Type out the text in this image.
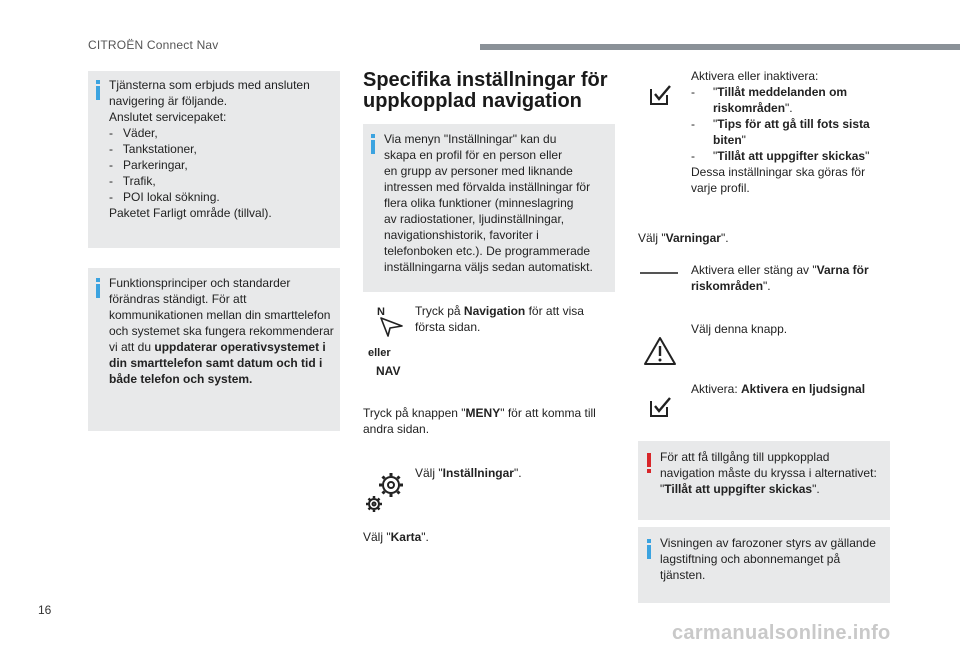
CITROËN Connect Nav
Tjänsterna som erbjuds med ansluten
navigering är följande.
Anslutet servicepaket:
-   Väder,
-   Tankstationer,
-   Parkeringar,
-   Trafik,
-   POI lokal sökning.
Paketet Farligt område (tillval).
Funktionsprinciper och standarder
förändras ständigt. För att
kommunikationen mellan din smarttelefon
och systemet ska fungera rekommenderar
vi att du uppdaterar operativsystemet i
din smarttelefon samt datum och tid i
både telefon och system.
Specifika inställningar för
uppkopplad navigation
Via menyn "Inställningar" kan du
skapa en profil för en person eller
en grupp av personer med liknande
intressen med förvalda inställningar för
flera olika funktioner (minneslagring
av radiostationer, ljudinställningar,
navigationshistorik, favoriter i
telefonboken etc.). De programmerade
inställningarna väljs sedan automatiskt.
N
eller
NAV
Tryck på Navigation för att visa
första sidan.
Tryck på knappen "MENY" för att komma till
andra sidan.
Välj "Inställningar".
Välj "Karta".
Aktivera eller inaktivera:
- "Tillåt meddelanden om
riskområden".
- "Tips för att gå till fots sista
biten"
- "Tillåt att uppgifter skickas"
Dessa inställningar ska göras för
varje profil.
Välj "Varningar".
Aktivera eller stäng av "Varna för
riskområden".
Välj denna knapp.
Aktivera: Aktivera en ljudsignal
För att få tillgång till uppkopplad
navigation måste du kryssa i alternativet:
"Tillåt att uppgifter skickas".
Visningen av farozoner styrs av gällande
lagstiftning och abonnemanget på
tjänsten.
16
carmanualsonline.info
